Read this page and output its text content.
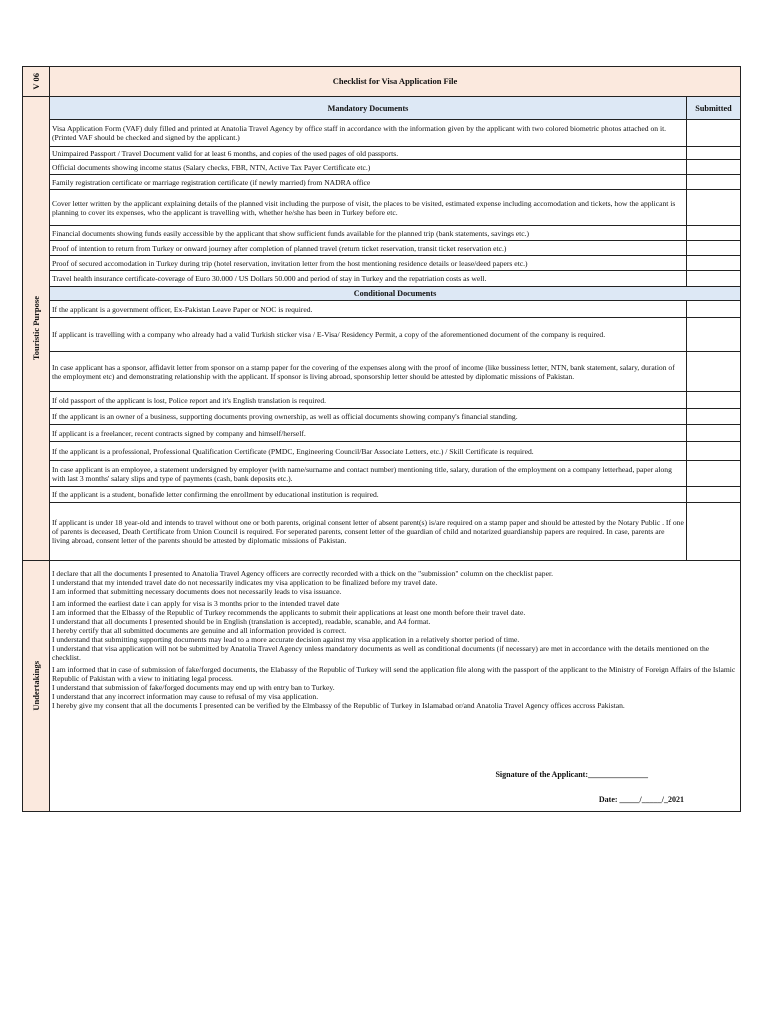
V 06
Touristic Purpose
Undertakings
Checklist for Visa Application File
Mandatory Documents	Submitted
Visa Application Form (VAF) duly filled and printed at Anatolia Travel Agency by office staff in accordance with the information given by the applicant with two colored biometric photos attached on it. (Printed VAF should be checked and signed by the applicant.)
Unimpaired Passport / Travel Document valid for at least 6 months, and copies of the used pages of old passports.
Official documents showing income status (Salary checks, FBR, NTN, Active Tax Payer Certificate etc.)
Family registration certificate or marriage registration certificate (if newly married) from NADRA office
Cover letter written by the applicant explaining details of the planned visit including the purpose of visit, the places to be visited, estimated expense including accomodation and tickets, how the applicant is planning to cover its expenses, who the applicant is travelling with, whether he/she has been in Turkey before etc.
Financial documents showing funds easily accessible by the applicant that show sufficient funds available for the planned trip (bank statements, savings etc.)
Proof of intention to return from Turkey or onward journey after completion of planned travel (return ticket reservation, transit ticket reservation etc.)
Proof of secured accomodation in Turkey during trip (hotel reservation, invitation letter from the host mentioning residence details or lease/deed papers etc.)
Travel health insurance certificate-coverage of Euro 30.000 / US Dollars 50.000 and period of stay in Turkey and the repatriation costs as well.
Conditional Documents
If the applicant is a government officer, Ex-Pakistan Leave Paper or NOC is required.
If applicant is travelling with a company who already had a valid Turkish sticker visa / E-Visa/ Residency Permit, a copy of the aforementioned document of the company is required.
In case applicant has a sponsor, affidavit letter from sponsor on a stamp paper for the covering of the expenses along with the proof of income (like bussiness letter, NTN, bank statement, salary, duration of the employment etc) and demonstrating relationship with the applicant. If sponsor is living abroad, sponsorship letter should be attested by diplomatic missions of Pakistan.
If old passport of the applicant is lost, Police report and it's English translation is required.
If the applicant is an owner of a business, supporting documents proving ownership, as well as official documents showing company's financial standing.
If applicant is a freelancer, recent contracts signed by company and himself/herself.
If the applicant is a professional, Professional Qualification Certificate (PMDC, Engineering Council/Bar Associate Letters, etc.) / Skill Certificate is required.
In case applicant is an employee, a statement undersigned by employer (with name/surname and contact number) mentioning title, salary, duration of the employment on a company letterhead, paper along with last 3 months' salary slips and type of payments (cash, bank deposits etc.).
If the applicant is a student, bonafide letter confirming the enrollment by educational institution is required.
If applicant is under 18 year-old and intends to travel without one or both parents, original consent letter of absent parent(s) is/are required on a stamp paper and should be attested by the Notary Public . If one of parents is deceased, Death Certificate from Union Council is required. For seperated parents, consent letter of the guardian of child and notarized guardianship papers are required. In case, parents are living abroad, consent letter of the parents should be attested by diplomatic missions of Pakistan.

I declare that all the documents I presented to Anatolia Travel Agency officers are correctly recorded with a thick on the "submission" column on the checklist paper.

I understand that my intended travel date do not necessarily indicates my visa application to be finalized before my travel date.

I am informed that submitting necessary documents does not necessarily leads to visa issuance.

I am informed the earliest date i can apply for visa is 3 months prior to the intended travel date

I am informed that the Elbassy of the Republic of Turkey recommends the applicants to submit their applications at least one month before their travel date.

I understand that all documents I presented should be in English (translation is accepted), readable, scanable, and A4 format.

I hereby certify that all submitted documents are genuine and all information provided is correct.

I understand that submitting supporting documents may lead to a more accurate decision against my visa application in a relatively shorter period of time.

I understand that visa application will not be submitted by Anatolia Travel Agency unless mandatory documents as well as conditional documents (if necessary) are met in accordance with the details mentioned on the checklist.

I am informed that in case of submission of fake/forged documents, the Elabassy of the Republic of Turkey will send the application file along with the passport of the applicant to the Ministry of Foreign Affairs of the Islamic Republic of Pakistan with a view to initiating legal process.

I understand that submission of fake/forged documents may end up with entry ban to Turkey.

I understand that any incorrect information may cause to refusal of my visa application.

I hereby give my consent that all the documents I presented can be verified by the Elmbassy of the Republic of Turkey in Islamabad or/and Anatolia Travel Agency offices accross Pakistan.

Signature of the Applicant:_______________
Date: _____/_____/_2021
